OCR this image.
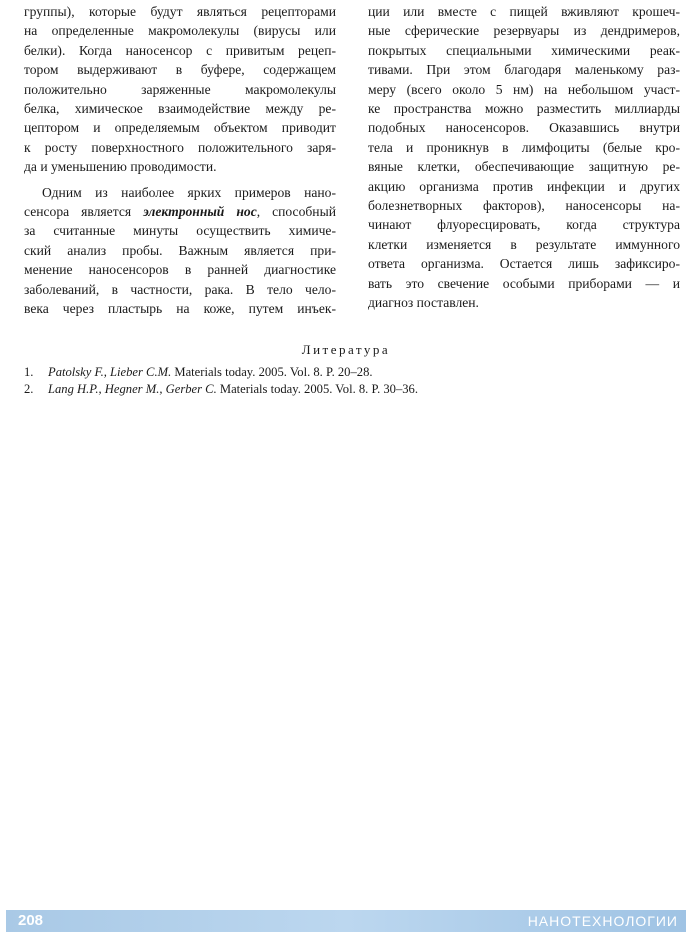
группы), которые будут являться рецепторами
на определенные макромолекулы (вирусы или
белки). Когда наносенсор с привитым рецеп-
тором выдерживают в буфере, содержащем
положительно заряженные макромолекулы
белка, химическое взаимодействие между ре-
цептором и определяемым объектом приводит
к росту поверхностного положительного заря-
да и уменьшению проводимости.

Одним из наиболее ярких примеров нано-
сенсора является электронный нос, способный
за считанные минуты осуществить химиче-
ский анализ пробы. Важным является при-
менение наносенсоров в ранней диагностике
заболеваний, в частности, рака. В тело чело-
века через пластырь на коже, путем инъек-

ции или вместе с пищей вживляют крошеч-
ные сферические резервуары из дендримеров,
покрытых специальными химическими реак-
тивами. При этом благодаря маленькому раз-
меру (всего около 5 нм) на небольшом участ-
ке пространства можно разместить миллиарды
подобных наносенсоров. Оказавшись внутри
тела и проникнув в лимфоциты (белые кро-
вяные клетки, обеспечивающие защитную ре-
акцию организма против инфекции и других
болезнетворных факторов), наносенсоры на-
чинают флуоресцировать, когда структура
клетки изменяется в результате иммунного
ответа организма. Остается лишь зафиксиро-
вать это свечение особыми приборами — и
диагноз поставлен.

Литература
1. Patolsky F., Lieber C.M. Materials today. 2005. Vol. 8. P. 20–28.
2. Lang H.P., Hegner M., Gerber C. Materials today. 2005. Vol. 8. P. 30–36.
208	НАНОТЕХНОЛОГИИ
